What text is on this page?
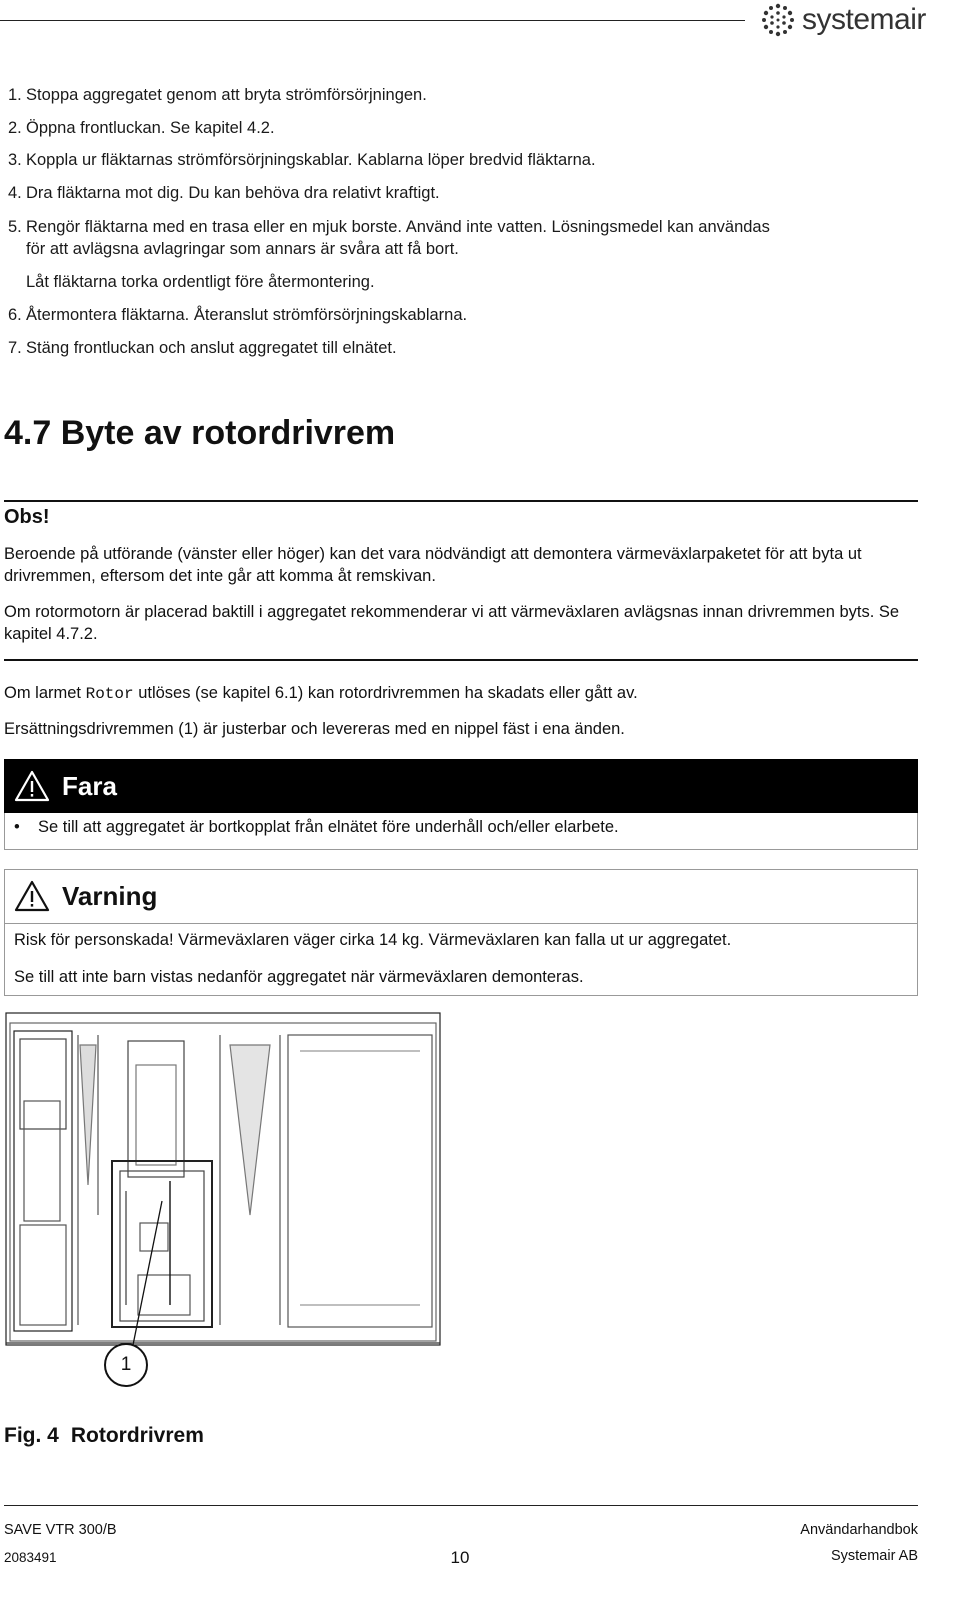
systemair
1. Stoppa aggregatet genom att bryta strömförsörjningen.
2. Öppna frontluckan. Se kapitel 4.2.
3. Koppla ur fläktarnas strömförsörjningskablar. Kablarna löper bredvid fläktarna.
4. Dra fläktarna mot dig. Du kan behöva dra relativt kraftigt.
5. Rengör fläktarna med en trasa eller en mjuk borste. Använd inte vatten. Lösningsmedel kan användas
för att avlägsna avlagringar som annars är svåra att få bort.
Låt fläktarna torka ordentligt före återmontering.
6. Återmontera fläktarna. Återanslut strömförsörjningskablarna.
7. Stäng frontluckan och anslut aggregatet till elnätet.
4.7 Byte av rotordrivrem
Obs!
Beroende på utförande (vänster eller höger) kan det vara nödvändigt att demontera värmeväxlarpaketet för att byta ut drivremmen, eftersom det inte går att komma åt remskivan.
Om rotormotorn är placerad baktill i aggregatet rekommenderar vi att värmeväxlaren avlägsnas innan drivremmen byts. Se kapitel 4.7.2.
Om larmet Rotor utlöses (se kapitel 6.1) kan rotordrivremmen ha skadats eller gått av.
Ersättningsdrivremmen (1) är justerbar och levereras med en nippel fäst i ena änden.
Fara
•	Se till att aggregatet är bortkopplat från elnätet före underhåll och/eller elarbete.
Varning
Risk för personskada! Värmeväxlaren väger cirka 14 kg. Värmeväxlaren kan falla ut ur aggregatet.
Se till att inte barn vistas nedanför aggregatet när värmeväxlaren demonteras.
1
Fig. 4 Rotordrivrem
SAVE VTR 300/B
2083491	10
Användarhandbok
Systemair AB
